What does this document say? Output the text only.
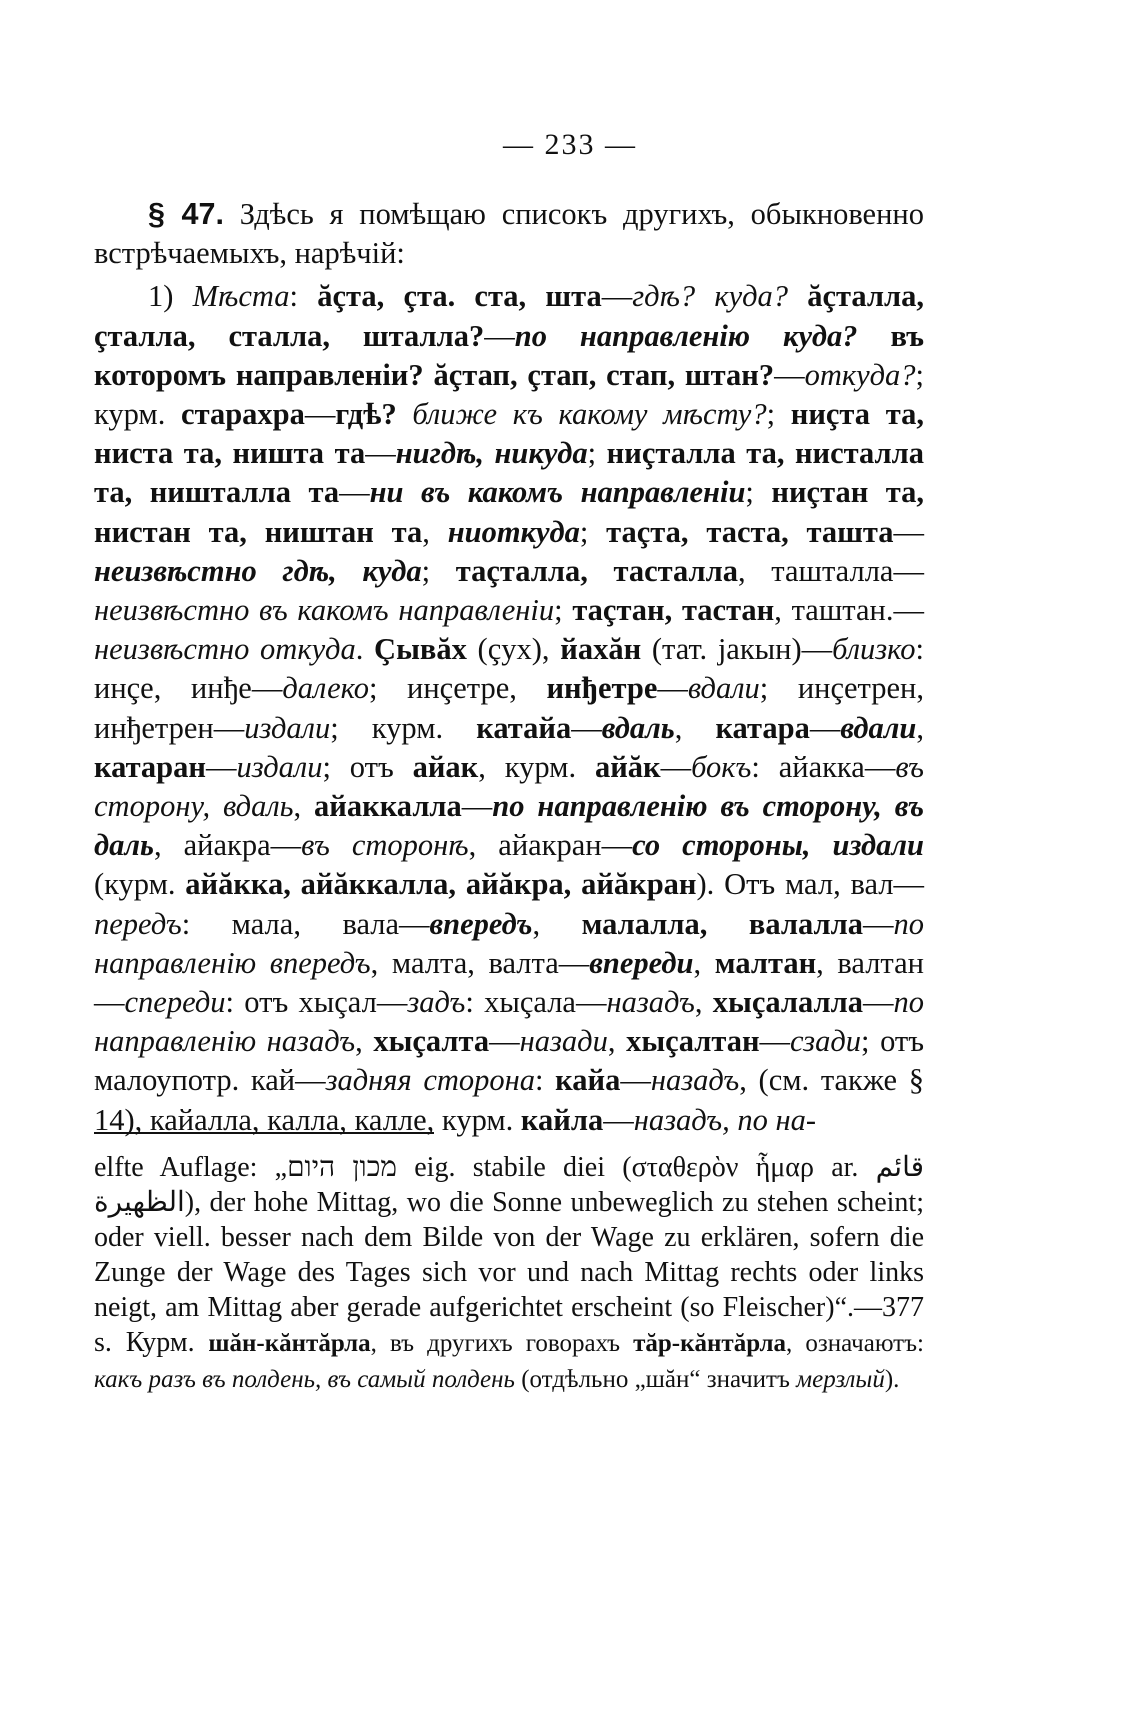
— 233 —

§ 47. Здѣсь я помѣщаю списокъ другихъ, обыкновенно встрѣчаемыхъ, нарѣчій:

1) Мѣста: ăçта, çта. ста, шта—гдѣ? куда? ăçталла, çталла, сталла, шталла?—по направленію куда? въ которомъ направленіи? ăçтап, çтап, стап, штан?—откуда?; курм. старахра—гдѣ? ближе къ какому мѣсту?; ниçта та, ниста та, ништа та—нигдѣ, никуда; ниçталла та, нисталла та, ништалла та—ни въ какомъ направленіи; ниçтан та, нистан та, ништан та, ниоткуда; таçта, таста, ташта—неизвѣстно гдѣ, куда; таçталла, тасталла, ташталла—неизвѣстно въ какомъ направленіи; таçтан, тастан, таштан.—неизвѣстно откуда. Çывăх (çух), йахăн (тат. јакын)—близко: инçе, инђе—далеко; инçетре, инђетре—вдали; инçетрен, инђетрен—издали; курм. катайа—вдаль, катара—вдали, катаран—издали; отъ айак, курм. айăк—бокъ: айакка—въ сторону, вдаль, айаккалла—по направленію въ сторону, въ даль, айакра—въ сторонѣ, айакран—со стороны, издали (курм. айăкка, айăккалла, айăкра, айăкран). Отъ мал, вал—передъ: мала, вала—впередъ, малалла, валалла—по направленію впередъ, малта, валта—впереди, малтан, валтан—спереди: отъ хыçал—задъ: хыçала—назадъ, хыçалалла—по направленію назадъ, хыçалта—назади, хыçалтан—сзади; отъ малоупотр. кай—задняя сторона: кайа—назадъ, (см. также § 14), кайалла, калла, калле, курм. кайла—назадъ, по на-

elfte Auflage: „מכון היום eig. stabile diei (σταθερὸν ἧμαρ ar. قائم الظهيرة), der hohe Mittag, wo die Sonne unbeweglich zu stehen scheint; oder viell. besser nach dem Bilde von der Wage zu erklären, sofern die Zunge der Wage des Tages sich vor und nach Mittag rechts oder links neigt, am Mittag aber gerade aufgerichtet erscheint (so Fleischer)“.—377 s. Курм. шăн-кăнтăрла, въ другихъ говорахъ тăр-кăнтăрла, означаютъ: какъ разъ въ полдень, въ самый полдень (отдѣльно „шăн“ значитъ мерзлый).
